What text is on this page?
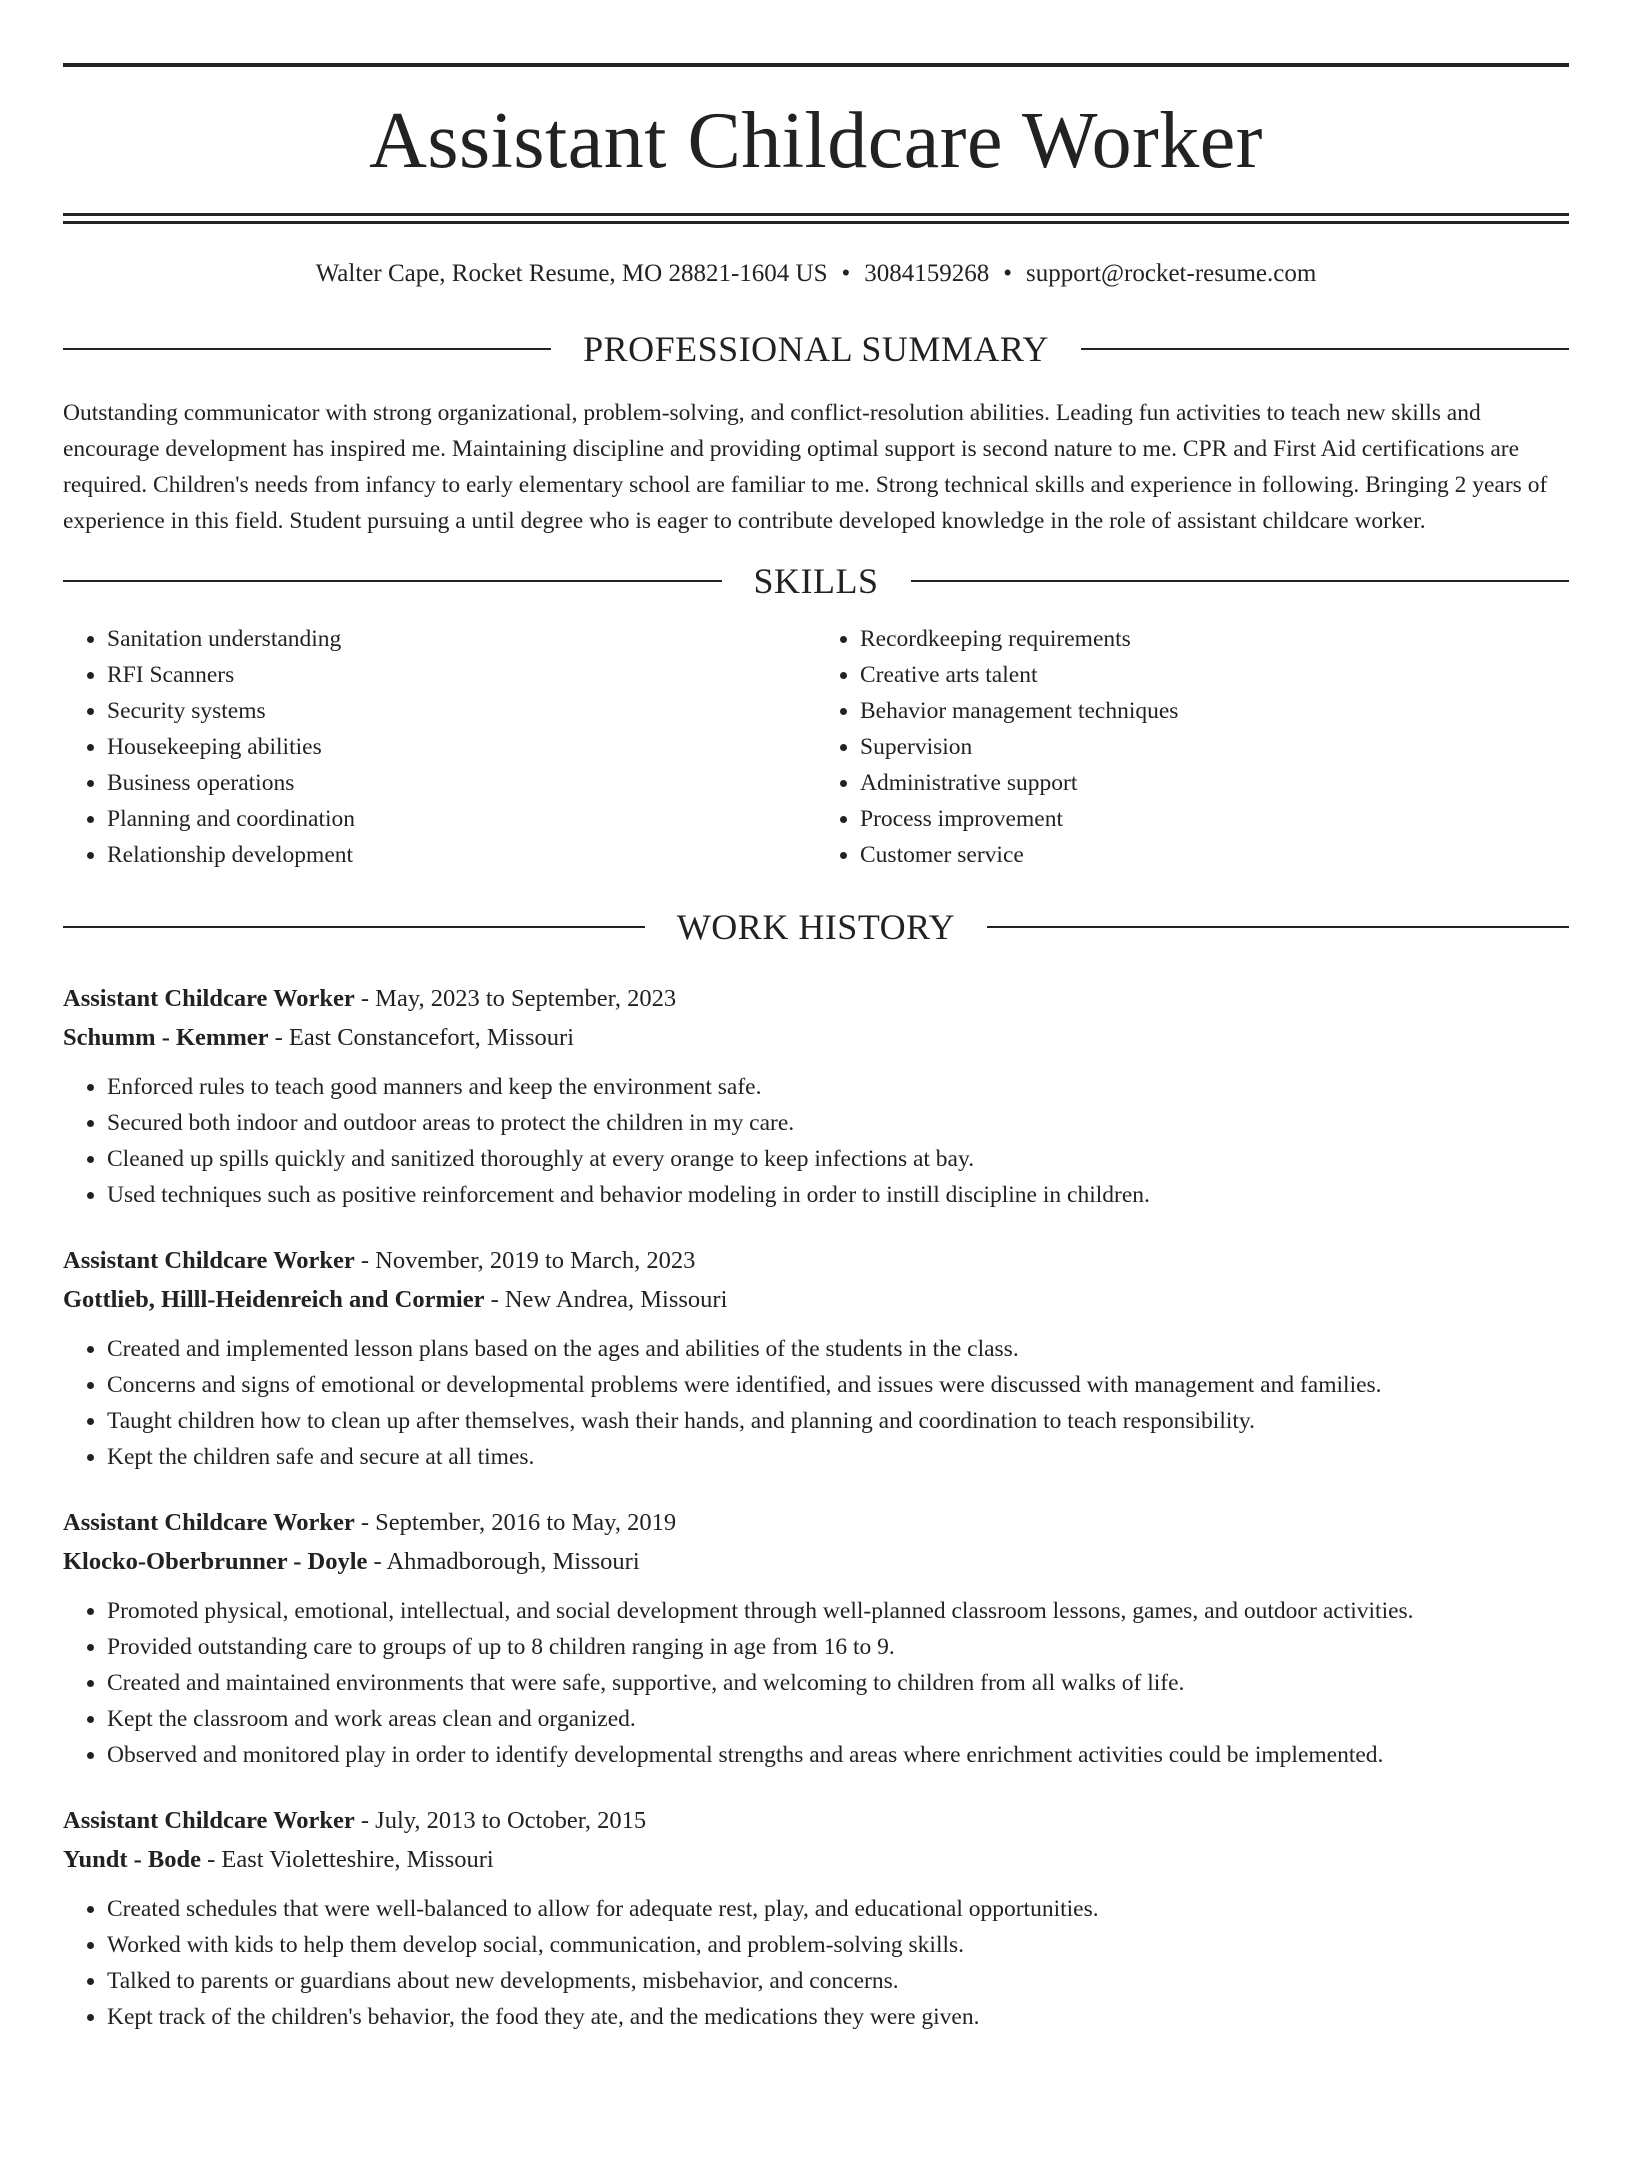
Assistant Childcare Worker
Walter Cape, Rocket Resume, MO 28821-1604 US • 3084159268 • support@rocket-resume.com
PROFESSIONAL SUMMARY

Outstanding communicator with strong organizational, problem-solving, and conflict-resolution abilities. Leading fun activities to teach new skills and encourage development has inspired me. Maintaining discipline and providing optimal support is second nature to me. CPR and First Aid certifications are required. Children's needs from infancy to early elementary school are familiar to me. Strong technical skills and experience in following. Bringing 2 years of experience in this field. Student pursuing a until degree who is eager to contribute developed knowledge in the role of assistant childcare worker.

SKILLS
• Sanitation understanding
• RFI Scanners
• Security systems
• Housekeeping abilities
• Business operations
• Planning and coordination
• Relationship development
• Recordkeeping requirements
• Creative arts talent
• Behavior management techniques
• Supervision
• Administrative support
• Process improvement
• Customer service
WORK HISTORY
Assistant Childcare Worker - May, 2023 to September, 2023
Schumm - Kemmer - East Constancefort, Missouri
• Enforced rules to teach good manners and keep the environment safe.
• Secured both indoor and outdoor areas to protect the children in my care.
• Cleaned up spills quickly and sanitized thoroughly at every orange to keep infections at bay.
• Used techniques such as positive reinforcement and behavior modeling in order to instill discipline in children.
Assistant Childcare Worker - November, 2019 to March, 2023
Gottlieb, Hilll-Heidenreich and Cormier - New Andrea, Missouri
• Created and implemented lesson plans based on the ages and abilities of the students in the class.
• Concerns and signs of emotional or developmental problems were identified, and issues were discussed with management and families.
• Taught children how to clean up after themselves, wash their hands, and planning and coordination to teach responsibility.
• Kept the children safe and secure at all times.
Assistant Childcare Worker - September, 2016 to May, 2019
Klocko-Oberbrunner - Doyle - Ahmadborough, Missouri
• Promoted physical, emotional, intellectual, and social development through well-planned classroom lessons, games, and outdoor activities.
• Provided outstanding care to groups of up to 8 children ranging in age from 16 to 9.
• Created and maintained environments that were safe, supportive, and welcoming to children from all walks of life.
• Kept the classroom and work areas clean and organized.
• Observed and monitored play in order to identify developmental strengths and areas where enrichment activities could be implemented.
Assistant Childcare Worker - July, 2013 to October, 2015
Yundt - Bode - East Violetteshire, Missouri
• Created schedules that were well-balanced to allow for adequate rest, play, and educational opportunities.
• Worked with kids to help them develop social, communication, and problem-solving skills.
• Talked to parents or guardians about new developments, misbehavior, and concerns.
• Kept track of the children's behavior, the food they ate, and the medications they were given.
